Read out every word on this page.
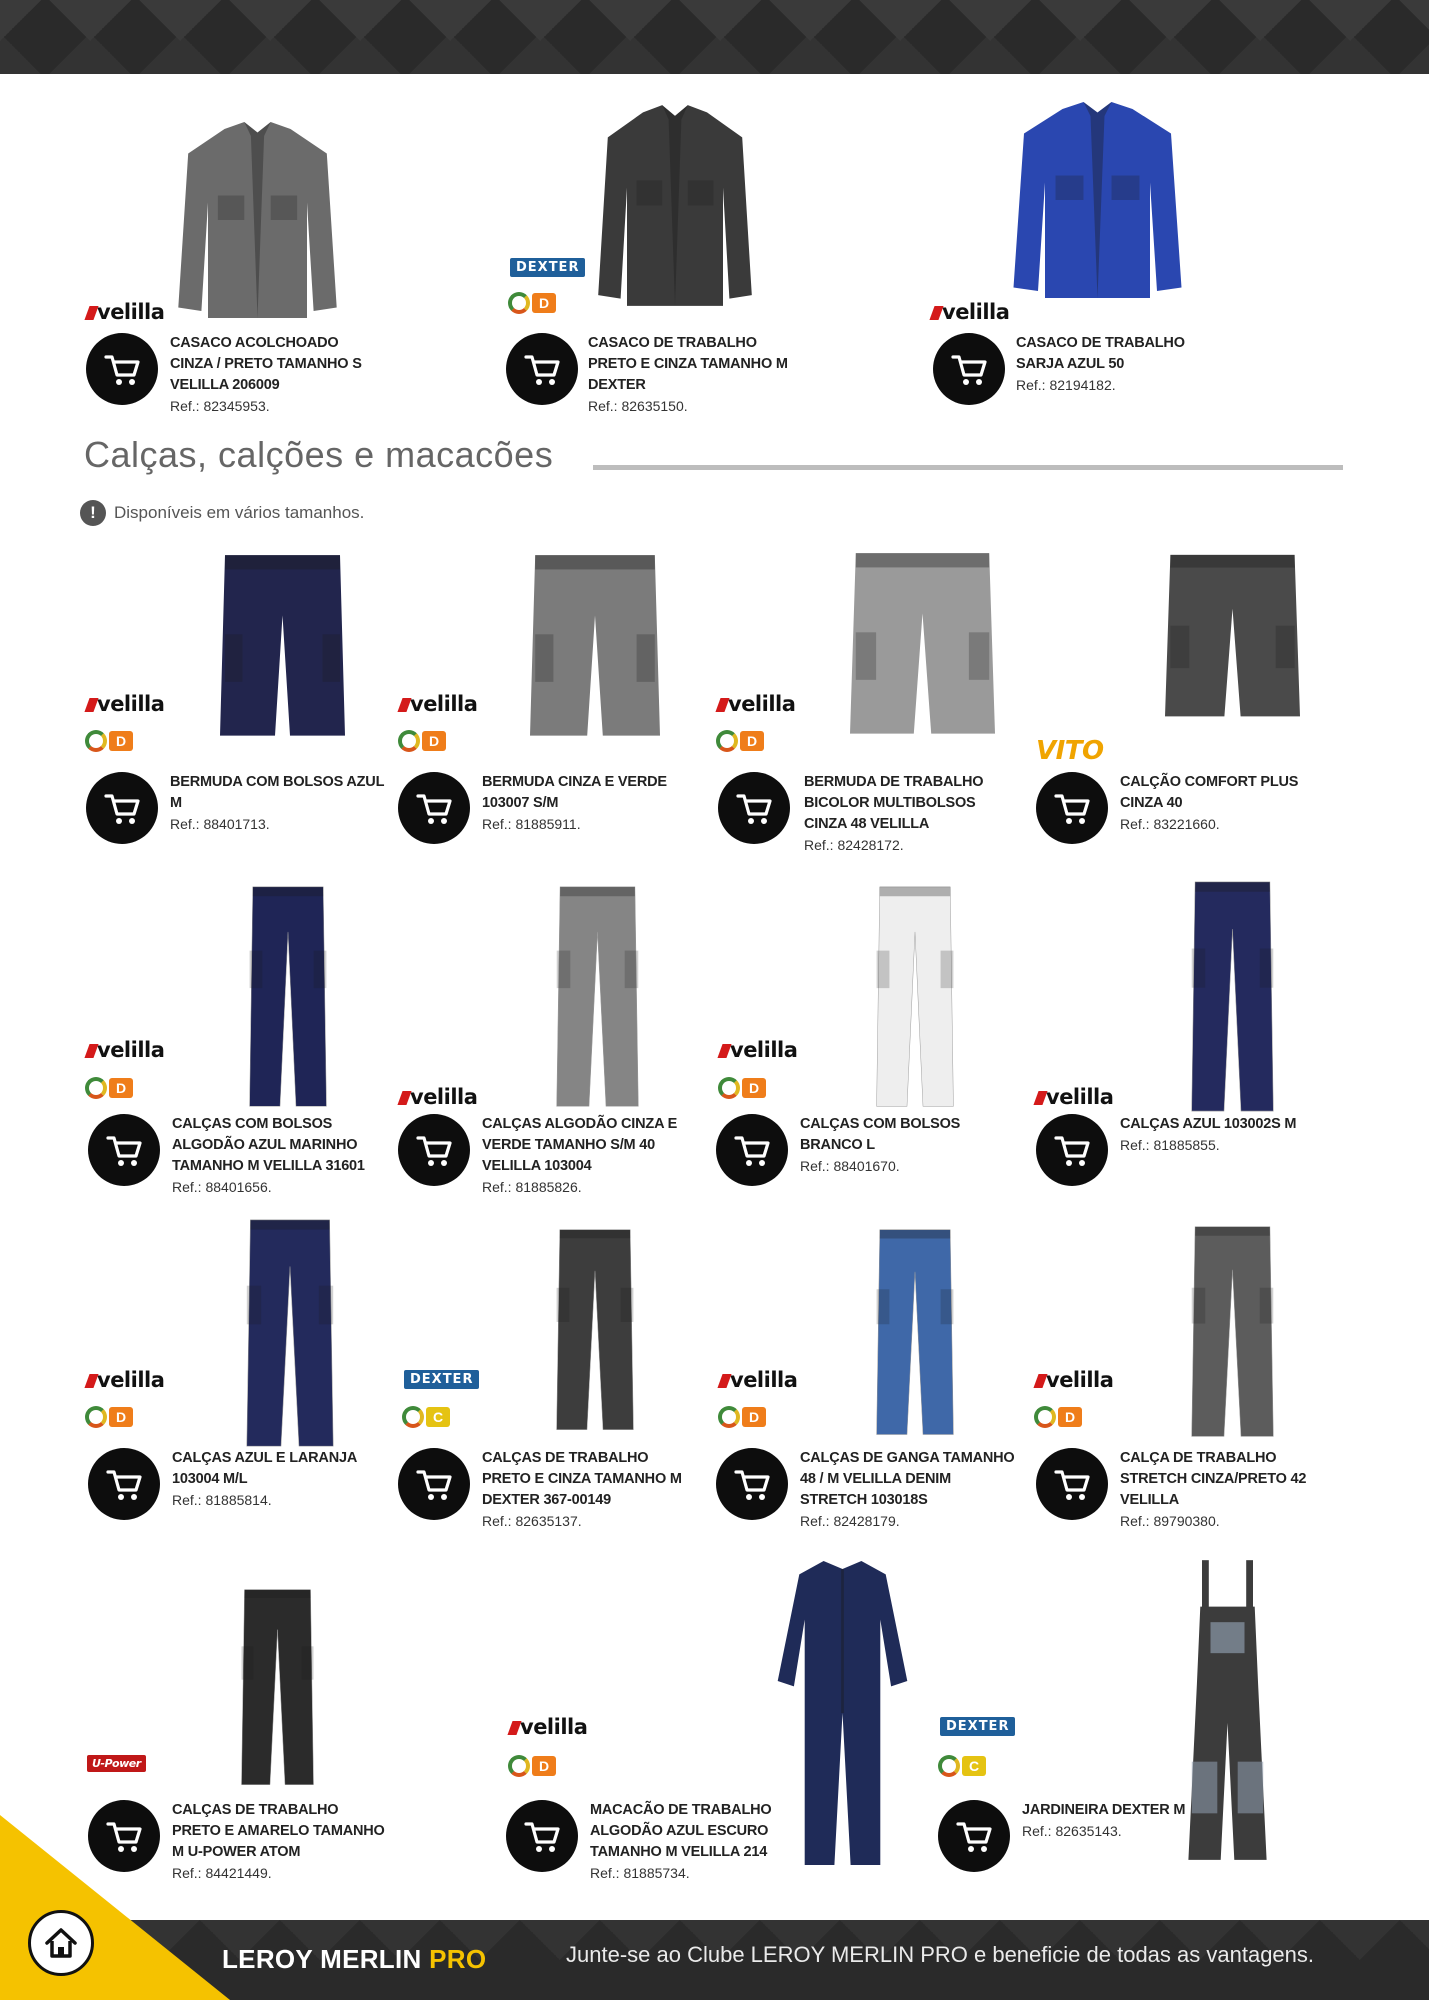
Calças, calções e macacões
!	Disponíveis em vários tamanhos.
velilla
CASACO ACOLCHOADO CINZA / PRETO TAMANHO S VELILLA 206009
Ref.: 82345953.
DEXTER
D
CASACO DE TRABALHO PRETO E CINZA TAMANHO M DEXTER
Ref.: 82635150.
velilla
CASACO DE TRABALHO SARJA AZUL 50
Ref.: 82194182.
velilla
D
BERMUDA COM BOLSOS AZUL M
Ref.: 88401713.
velilla
D
BERMUDA CINZA E VERDE 103007 S/M
Ref.: 81885911.
velilla
D
BERMUDA DE TRABALHO BICOLOR MULTIBOLSOS CINZA 48 VELILLA
Ref.: 82428172.
VITO
CALÇÃO COMFORT PLUS CINZA 40
Ref.: 83221660.
velilla
D
CALÇAS COM BOLSOS ALGODÃO AZUL MARINHO TAMANHO M VELILLA 31601
Ref.: 88401656.
velilla
CALÇAS ALGODÃO CINZA E VERDE TAMANHO S/M 40 VELILLA 103004
Ref.: 81885826.
velilla
D
CALÇAS COM BOLSOS BRANCO L
Ref.: 88401670.
velilla
CALÇAS AZUL 103002S M
Ref.: 81885855.
velilla
D
CALÇAS AZUL E LARANJA 103004 M/L
Ref.: 81885814.
DEXTER
C
CALÇAS DE TRABALHO PRETO E CINZA TAMANHO M DEXTER 367-00149
Ref.: 82635137.
velilla
D
CALÇAS DE GANGA TAMANHO 48 / M VELILLA DENIM STRETCH 103018S
Ref.: 82428179.
velilla
D
CALÇA DE TRABALHO STRETCH CINZA/PRETO 42 VELILLA
Ref.: 89790380.
U-Power
CALÇAS DE TRABALHO PRETO E AMARELO TAMANHO M U-POWER ATOM
Ref.: 84421449.
velilla
D
MACACÃO DE TRABALHO ALGODÃO AZUL ESCURO TAMANHO M VELILLA 214
Ref.: 81885734.
DEXTER
C
JARDINEIRA DEXTER M
Ref.: 82635143.
LEROY MERLIN PRO	Junte-se ao Clube LEROY MERLIN PRO e beneficie de todas as vantagens.
